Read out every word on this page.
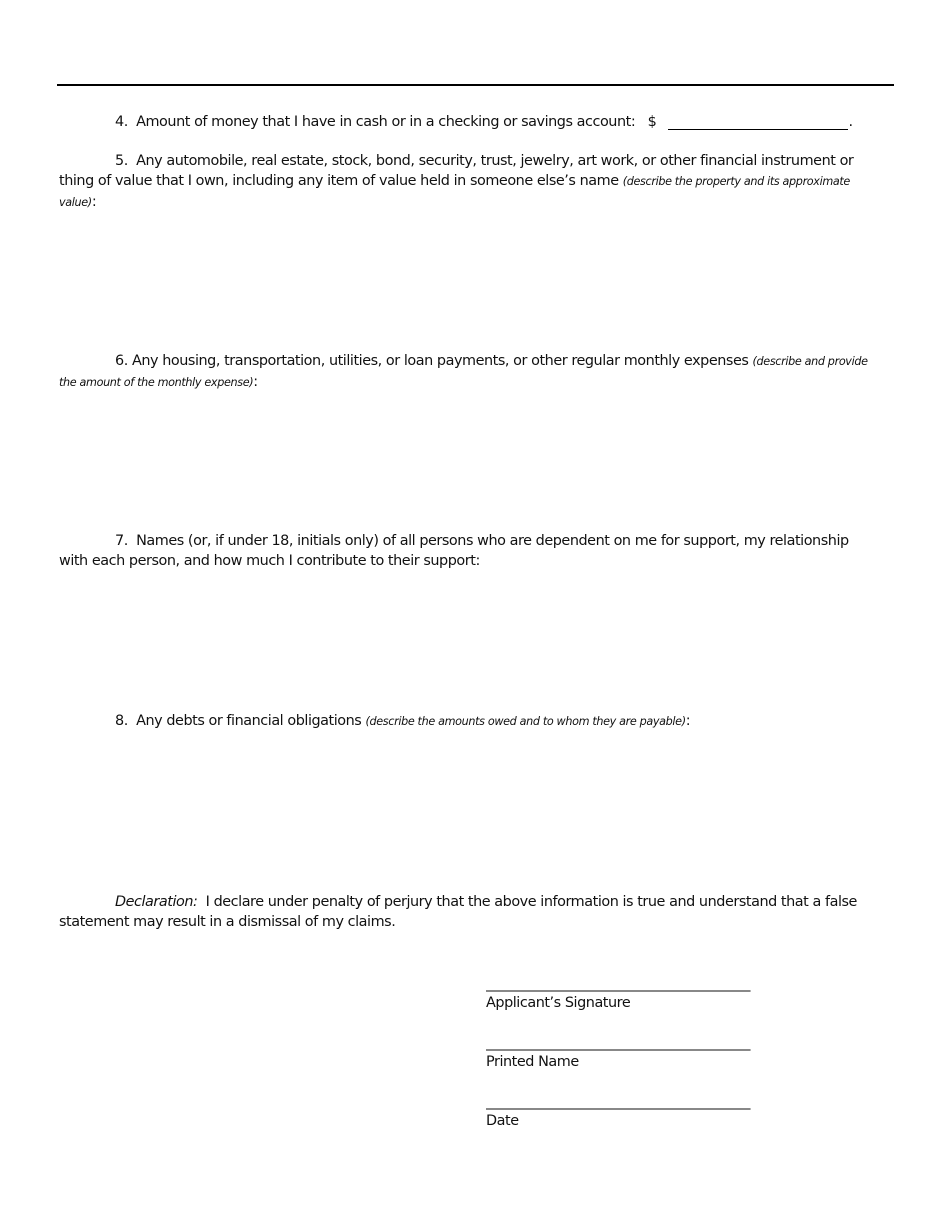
4. Amount of money that I have in cash or in a checking or savings account: $	.
5. Any automobile, real estate, stock, bond, security, trust, jewelry, art work, or other financial instrument or thing of value that I own, including any item of value held in someone else’s name (describe the property and its approximate value):
6. Any housing, transportation, utilities, or loan payments, or other regular monthly expenses (describe and provide the amount of the monthly expense):
7. Names (or, if under 18, initials only) of all persons who are dependent on me for support, my relationship with each person, and how much I contribute to their support:
8. Any debts or financial obligations (describe the amounts owed and to whom they are payable):
Declaration: I declare under penalty of perjury that the above information is true and understand that a false statement may result in a dismissal of my claims.
________________________________________
Applicant’s Signature
________________________________________
Printed Name
________________________________________
Date
